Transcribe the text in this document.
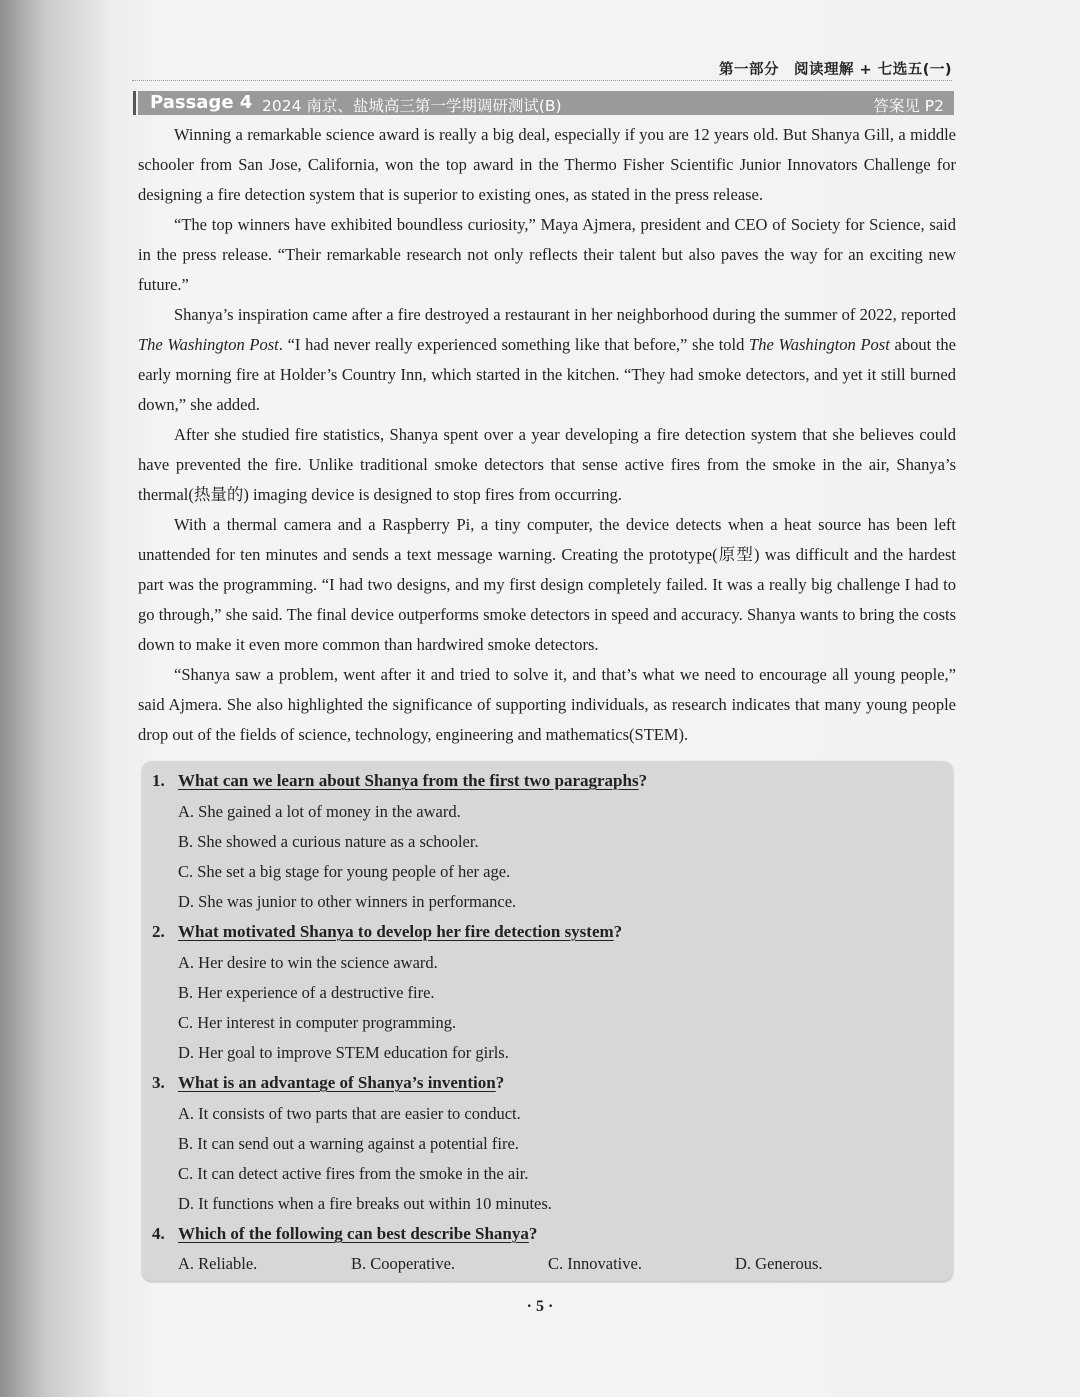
第一部分　阅读理解 + 七选五(一)
Passage 4 2024 南京、盐城高三第一学期调研测试(B)	答案见 P2

Winning a remarkable science award is really a big deal, especially if you are 12 years old. But Shanya Gill, a middle schooler from San Jose, California, won the top award in the Thermo Fisher Scientific Junior Innovators Challenge for designing a fire detection system that is superior to existing ones, as stated in the press release.

“The top winners have exhibited boundless curiosity,” Maya Ajmera, president and CEO of Society for Science, said in the press release. “Their remarkable research not only reflects their talent but also paves the way for an exciting new future.”

Shanya’s inspiration came after a fire destroyed a restaurant in her neighborhood during the summer of 2022, reported The Washington Post. “I had never really experienced something like that before,” she told The Washington Post about the early morning fire at Holder’s Country Inn, which started in the kitchen. “They had smoke detectors, and yet it still burned down,” she added.

After she studied fire statistics, Shanya spent over a year developing a fire detection system that she believes could have prevented the fire. Unlike traditional smoke detectors that sense active fires from the smoke in the air, Shanya’s thermal(热量的) imaging device is designed to stop fires from occurring.

With a thermal camera and a Raspberry Pi, a tiny computer, the device detects when a heat source has been left unattended for ten minutes and sends a text message warning. Creating the prototype(原型) was difficult and the hardest part was the programming. “I had two designs, and my first design completely failed. It was a really big challenge I had to go through,” she said. The final device outperforms smoke detectors in speed and accuracy. Shanya wants to bring the costs down to make it even more common than hardwired smoke detectors.

“Shanya saw a problem, went after it and tried to solve it, and that’s what we need to encourage all young people,” said Ajmera. She also highlighted the significance of supporting individuals, as research indicates that many young people drop out of the fields of science, technology, engineering and mathematics(STEM).

1. What can we learn about Shanya from the first two paragraphs?
A. She gained a lot of money in the award.
B. She showed a curious nature as a schooler.
C. She set a big stage for young people of her age.
D. She was junior to other winners in performance.
2. What motivated Shanya to develop her fire detection system?
A. Her desire to win the science award.
B. Her experience of a destructive fire.
C. Her interest in computer programming.
D. Her goal to improve STEM education for girls.
3. What is an advantage of Shanya’s invention?
A. It consists of two parts that are easier to conduct.
B. It can send out a warning against a potential fire.
C. It can detect active fires from the smoke in the air.
D. It functions when a fire breaks out within 10 minutes.
4. Which of the following can best describe Shanya?
A. Reliable.	B. Cooperative.	C. Innovative.	D. Generous.
· 5 ·
